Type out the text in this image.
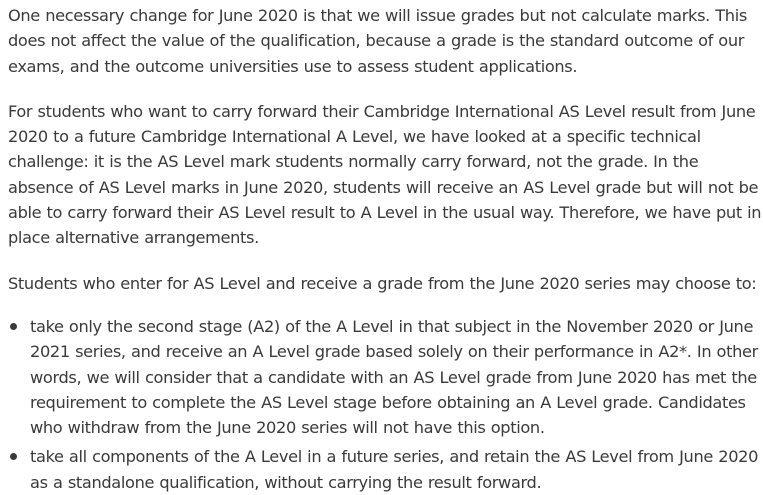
One necessary change for June 2020 is that we will issue grades but not calculate marks. This does not affect the value of the qualification, because a grade is the standard outcome of our exams, and the outcome universities use to assess student applications.

For students who want to carry forward their Cambridge International AS Level result from June 2020 to a future Cambridge International A Level, we have looked at a specific technical challenge: it is the AS Level mark students normally carry forward, not the grade. In the absence of AS Level marks in June 2020, students will receive an AS Level grade but will not be able to carry forward their AS Level result to A Level in the usual way. Therefore, we have put in place alternative arrangements.

Students who enter for AS Level and receive a grade from the June 2020 series may choose to:

take only the second stage (A2) of the A Level in that subject in the November 2020 or June 2021 series, and receive an A Level grade based solely on their performance in A2*. In other words, we will consider that a candidate with an AS Level grade from June 2020 has met the requirement to complete the AS Level stage before obtaining an A Level grade. Candidates who withdraw from the June 2020 series will not have this option.
take all components of the A Level in a future series, and retain the AS Level from June 2020 as a standalone qualification, without carrying the result forward.
